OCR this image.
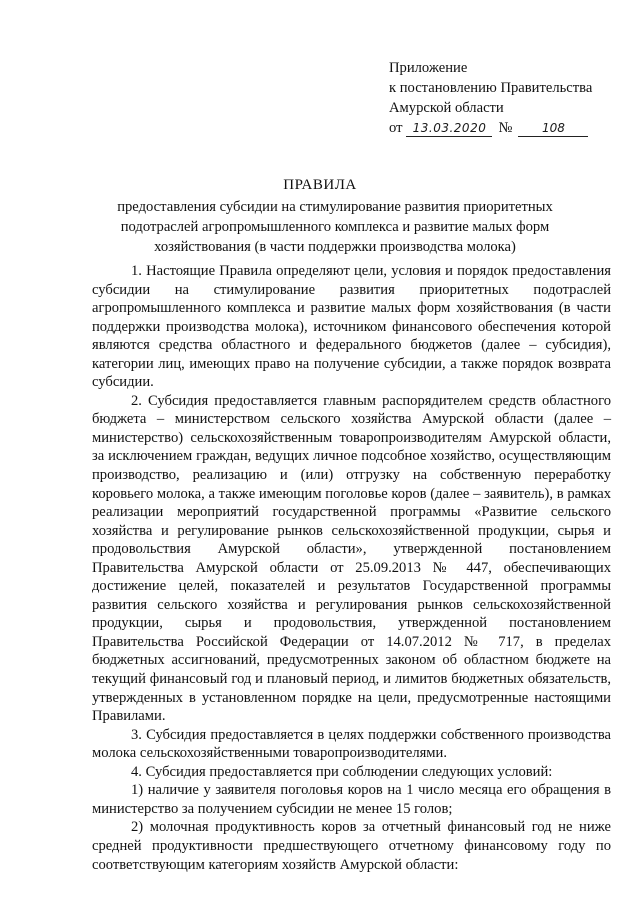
Приложение
к постановлению Правительства
Амурской области
от 13.03.2020 №	108
ПРАВИЛА
предоставления субсидии на стимулирование развития приоритетных подотраслей агропромышленного комплекса и развитие малых форм хозяйствования (в части поддержки производства молока)

1. Настоящие Правила определяют цели, условия и порядок предоставления субсидии на стимулирование развития приоритетных подотраслей агропромышленного комплекса и развитие малых форм хозяйствования (в части поддержки производства молока), источником финансового обеспечения которой являются средства областного и федерального бюджетов (далее – субсидия), категории лиц, имеющих право на получение субсидии, а также порядок возврата субсидии.

2. Субсидия предоставляется главным распорядителем средств областного бюджета – министерством сельского хозяйства Амурской области (далее – министерство) сельскохозяйственным товаропроизводителям Амурской области, за исключением граждан, ведущих личное подсобное хозяйство, осуществляющим производство, реализацию и (или) отгрузку на собственную переработку коровьего молока, а также имеющим поголовье коров (далее – заявитель), в рамках реализации мероприятий государственной программы «Развитие сельского хозяйства и регулирование рынков сельскохозяйственной продукции, сырья и продовольствия Амурской области», утвержденной постановлением Правительства Амурской области от 25.09.2013 № 447, обеспечивающих достижение целей, показателей и результатов Государственной программы развития сельского хозяйства и регулирования рынков сельскохозяйственной продукции, сырья и продовольствия, утвержденной постановлением Правительства Российской Федерации от 14.07.2012 № 717, в пределах бюджетных ассигнований, предусмотренных законом об областном бюджете на текущий финансовый год и плановый период, и лимитов бюджетных обязательств, утвержденных в установленном порядке на цели, предусмотренные настоящими Правилами.

3. Субсидия предоставляется в целях поддержки собственного производства молока сельскохозяйственными товаропроизводителями.

4. Субсидия предоставляется при соблюдении следующих условий:

1) наличие у заявителя поголовья коров на 1 число месяца его обращения в министерство за получением субсидии не менее 15 голов;

2) молочная продуктивность коров за отчетный финансовый год не ниже средней продуктивности предшествующего отчетному финансовому году по соответствующим категориям хозяйств Амурской области:
